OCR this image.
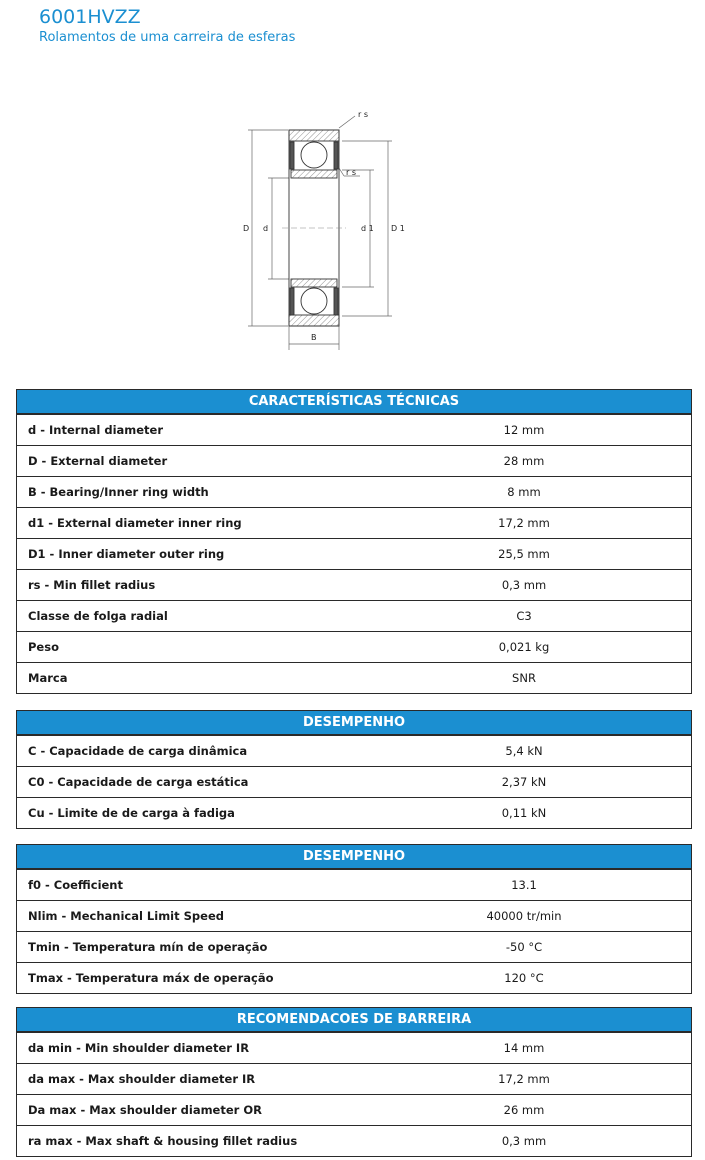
6001HVZZ
Rolamentos de uma carreira de esferas
r s
r s
D d	d 1 D 1
B
CARACTERÍSTICAS TÉCNICAS
d - Internal diameter	12 mm
D - External diameter	28 mm
B - Bearing/Inner ring width	8 mm
d1 - External diameter inner ring	17,2 mm
D1 - Inner diameter outer ring	25,5 mm
rs - Min fillet radius	0,3 mm
Classe de folga radial	C3
Peso	0,021 kg
Marca	SNR
DESEMPENHO
C - Capacidade de carga dinâmica	5,4 kN
C0 - Capacidade de carga estática	2,37 kN
Cu - Limite de de carga à fadiga	0,11 kN
DESEMPENHO
f0 - Coefficient	13.1
Nlim - Mechanical Limit Speed	40000 tr/min
Tmin - Temperatura mín de operação	-50 °C
Tmax - Temperatura máx de operação	120 °C
RECOMENDACOES DE BARREIRA
da min - Min shoulder diameter IR	14 mm
da max - Max shoulder diameter IR	17,2 mm
Da max - Max shoulder diameter OR	26 mm
ra max - Max shaft & housing fillet radius	0,3 mm
